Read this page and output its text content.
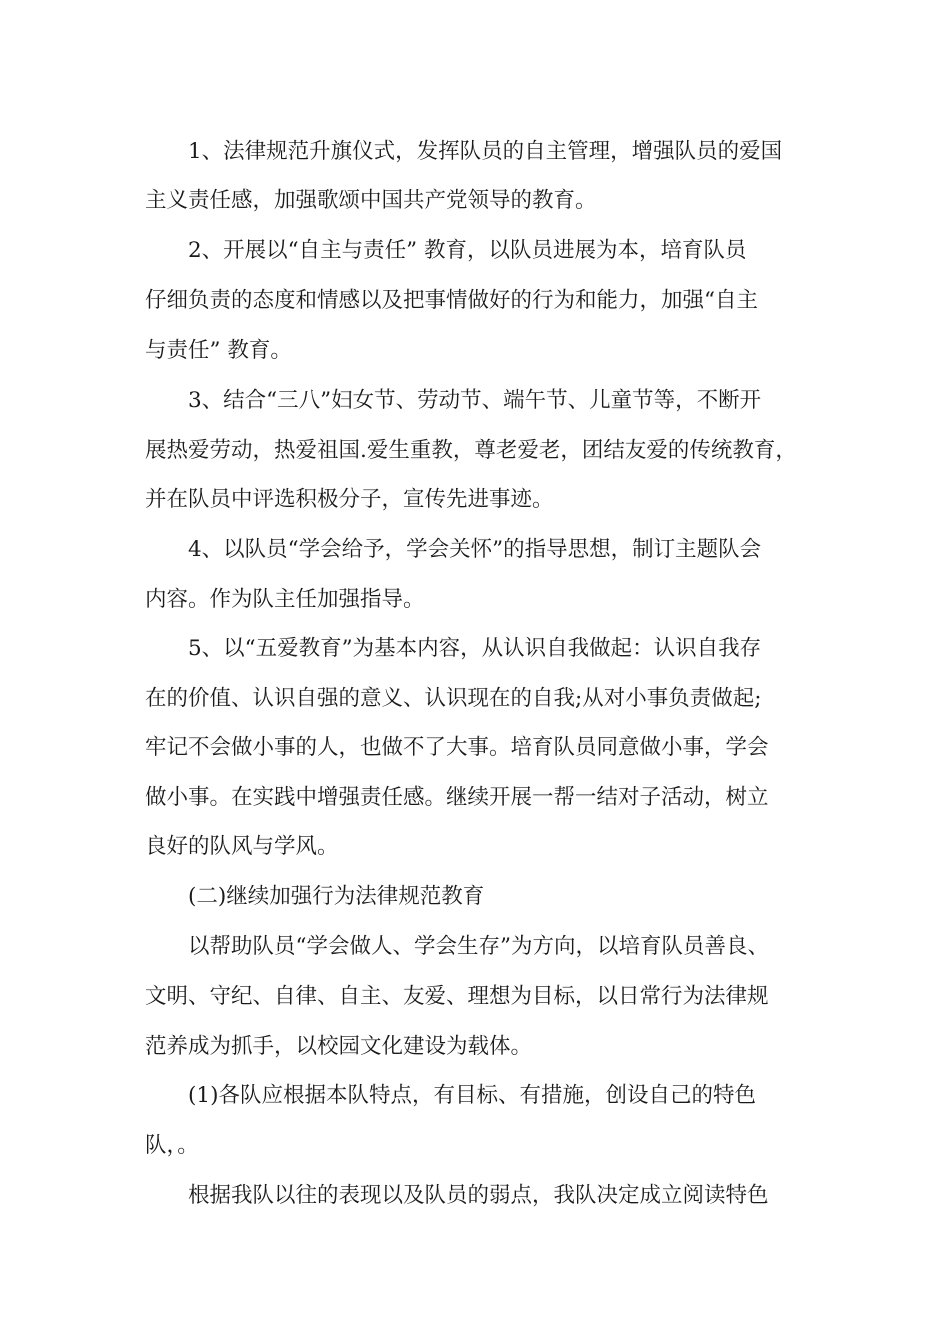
1、法律规范升旗仪式，发挥队员的自主管理，增强队员的爱国
主义责任感，加强歌颂中国共产党领导的教育。
2、开展以“自主与责任” 教育，以队员进展为本，培育队员
仔细负责的态度和情感以及把事情做好的行为和能力，加强“自主
与责任” 教育。
3、结合“三八”妇女节、劳动节、端午节、儿童节等，不断开
展热爱劳动，热爱祖国.爱生重教，尊老爱老，团结友爱的传统教育，
并在队员中评选积极分子，宣传先进事迹。
4、以队员“学会给予，学会关怀”的指导思想，制订主题队会
内容。作为队主任加强指导。
5、以“五爱教育”为基本内容，从认识自我做起：认识自我存
在的价值、认识自强的意义、认识现在的自我;从对小事负责做起;
牢记不会做小事的人，也做不了大事。培育队员同意做小事，学会
做小事。在实践中增强责任感。继续开展一帮一结对子活动，树立
良好的队风与学风。
(二)继续加强行为法律规范教育
以帮助队员“学会做人、学会生存”为方向，以培育队员善良、
文明、守纪、自律、自主、友爱、理想为目标，以日常行为法律规
范养成为抓手，以校园文化建设为载体。
(1)各队应根据本队特点，有目标、有措施，创设自己的特色
队，。
根据我队以往的表现以及队员的弱点，我队决定成立阅读特色
